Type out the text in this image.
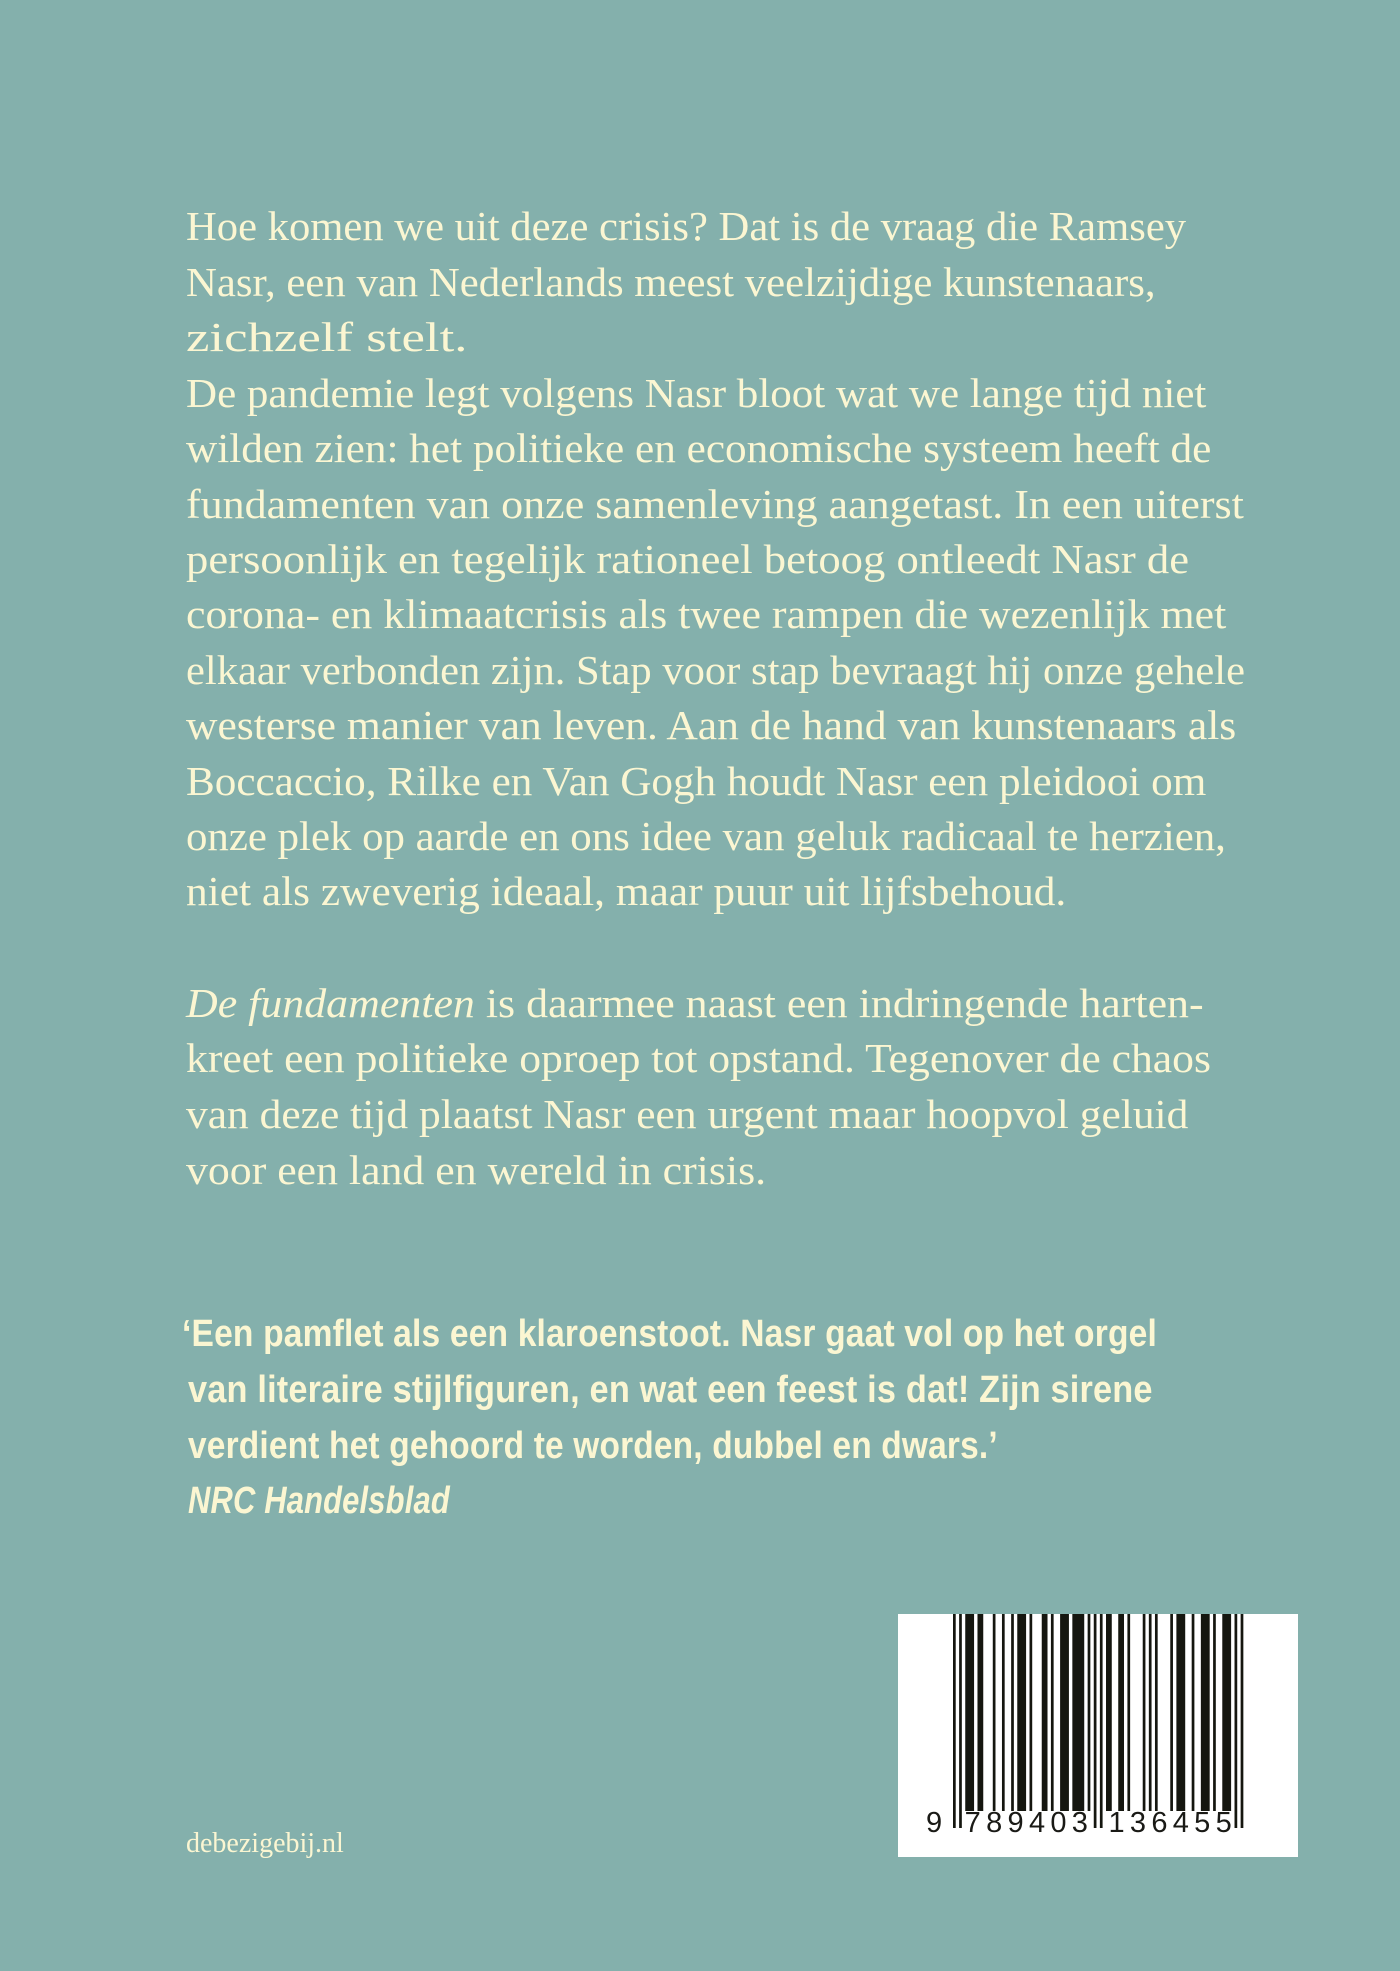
Hoe komen we uit deze crisis? Dat is de vraag die Ramsey
Nasr, een van Nederlands meest veelzijdige kunstenaars,
zichzelf stelt.
De pandemie legt volgens Nasr bloot wat we lange tijd niet
wilden zien: het politieke en economische systeem heeft de
fundamenten van onze samenleving aangetast. In een uiterst
persoonlijk en tegelijk rationeel betoog ontleedt Nasr de
corona- en klimaatcrisis als twee rampen die wezenlijk met
elkaar verbonden zijn. Stap voor stap bevraagt hij onze gehele
westerse manier van leven. Aan de hand van kunstenaars als
Boccaccio, Rilke en Van Gogh houdt Nasr een pleidooi om
onze plek op aarde en ons idee van geluk radicaal te herzien,
niet als zweverig ideaal, maar puur uit lijfsbehoud.
De fundamenten is daarmee naast een indringende harten-
kreet een politieke oproep tot opstand. Tegenover de chaos
van deze tijd plaatst Nasr een urgent maar hoopvol geluid
voor een land en wereld in crisis.
‘Een pamflet als een klaroenstoot. Nasr gaat vol op het orgel
van literaire stijlfiguren, en wat een feest is dat! Zijn sirene
verdient het gehoord te worden, dubbel en dwars.’
NRC Handelsblad
debezigebij.nl
9 7 8 9 4 0 3 1 3 6 4 5 5
